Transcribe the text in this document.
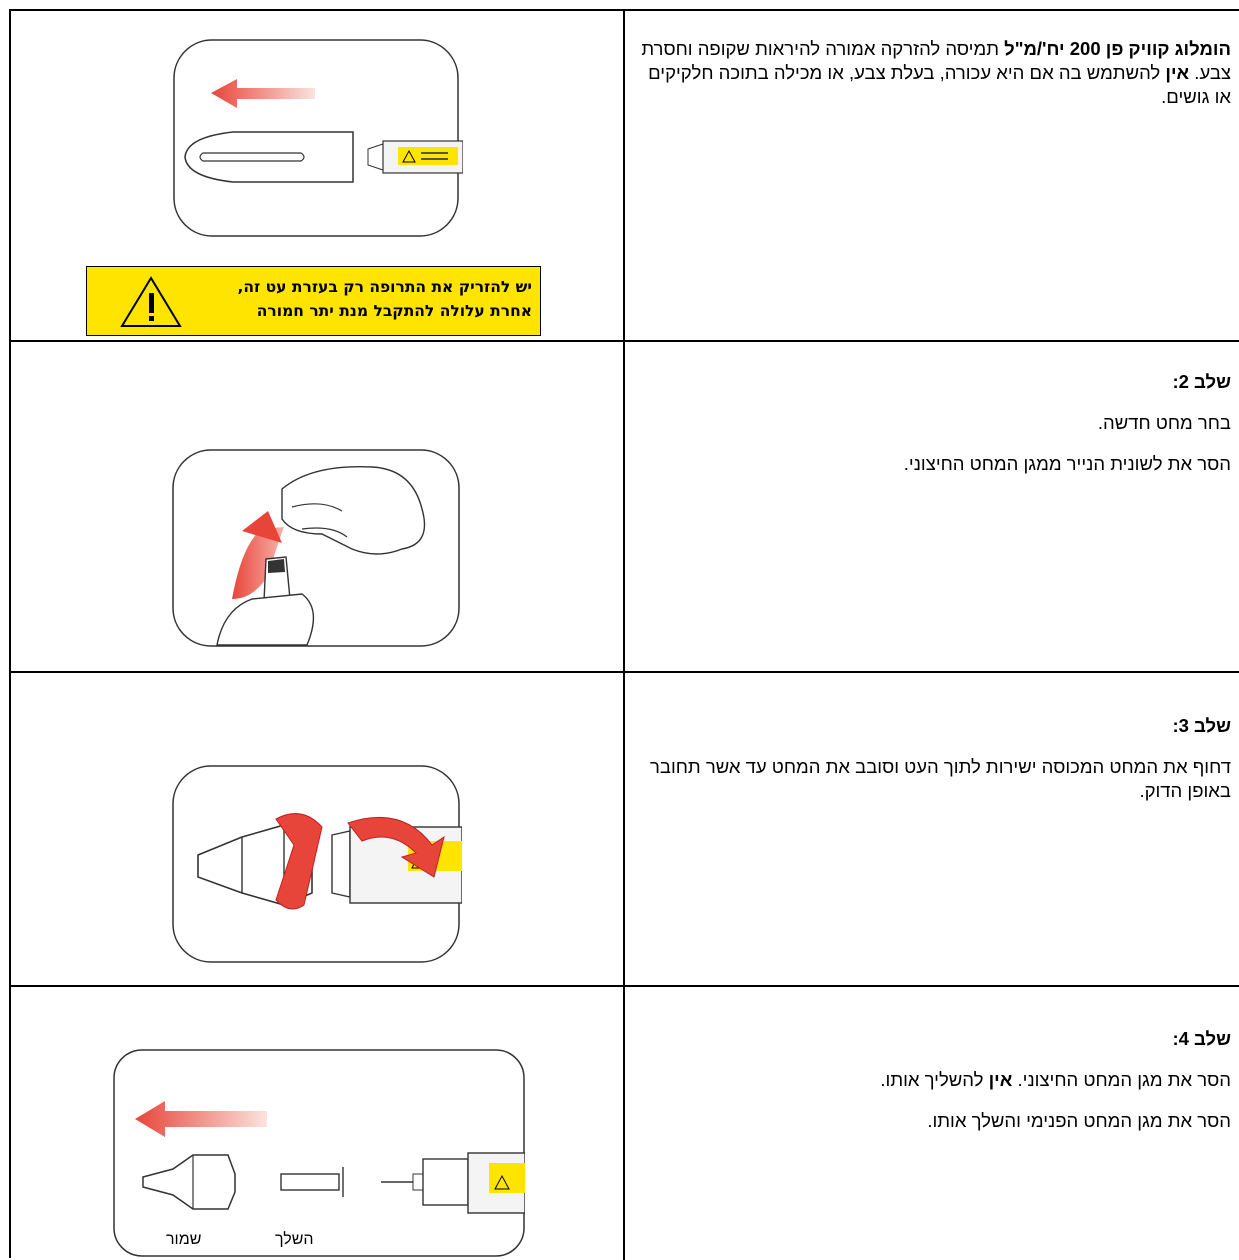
הומלוג קוויק פן 200 יח'/מ"ל תמיסה להזרקה אמורה להיראות שקופה וחסרת צבע. אין להשתמש בה אם היא עכורה, בעלת צבע, או מכילה בתוכה חלקיקים או גושים.

יש להזריק את התרופה רק בעזרת עט זה,
אחרת עלולה להתקבל מנת יתר חמורה

שלב 2:

בחר מחט חדשה.

הסר את לשונית הנייר ממגן המחט החיצוני.

שלב 3:

דחוף את המחט המכוסה ישירות לתוך העט וסובב את המחט עד אשר תחובר באופן הדוק.

שלב 4:

הסר את מגן המחט החיצוני. אין להשליך אותו.

הסר את מגן המחט הפנימי והשלך אותו.

שמור	השלך
